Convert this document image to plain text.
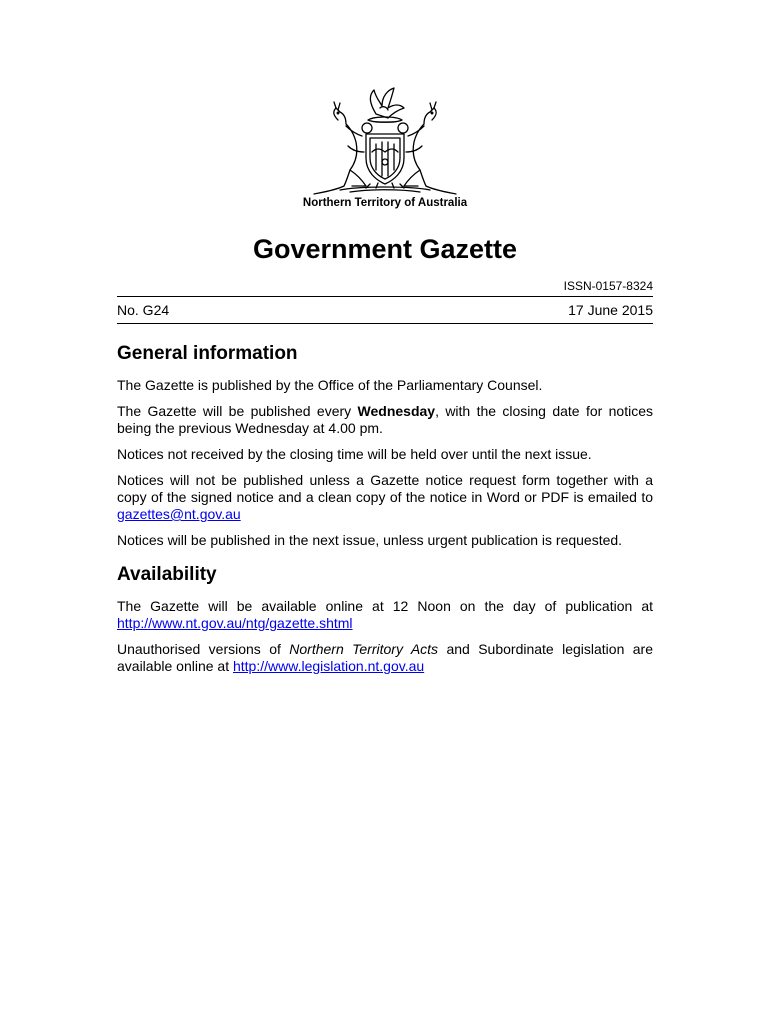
Northern Territory of Australia
Government Gazette
ISSN-0157-8324
No. G24	17 June 2015
General information

The Gazette is published by the Office of the Parliamentary Counsel.

The Gazette will be published every Wednesday, with the closing date for notices being the previous Wednesday at 4.00 pm.

Notices not received by the closing time will be held over until the next issue.

Notices will not be published unless a Gazette notice request form together with a copy of the signed notice and a clean copy of the notice in Word or PDF is emailed to gazettes@nt.gov.au

Notices will be published in the next issue, unless urgent publication is requested.

Availability

The Gazette will be available online at 12 Noon on the day of publication at http://www.nt.gov.au/ntg/gazette.shtml

Unauthorised versions of Northern Territory Acts and Subordinate legislation are available online at http://www.legislation.nt.gov.au
